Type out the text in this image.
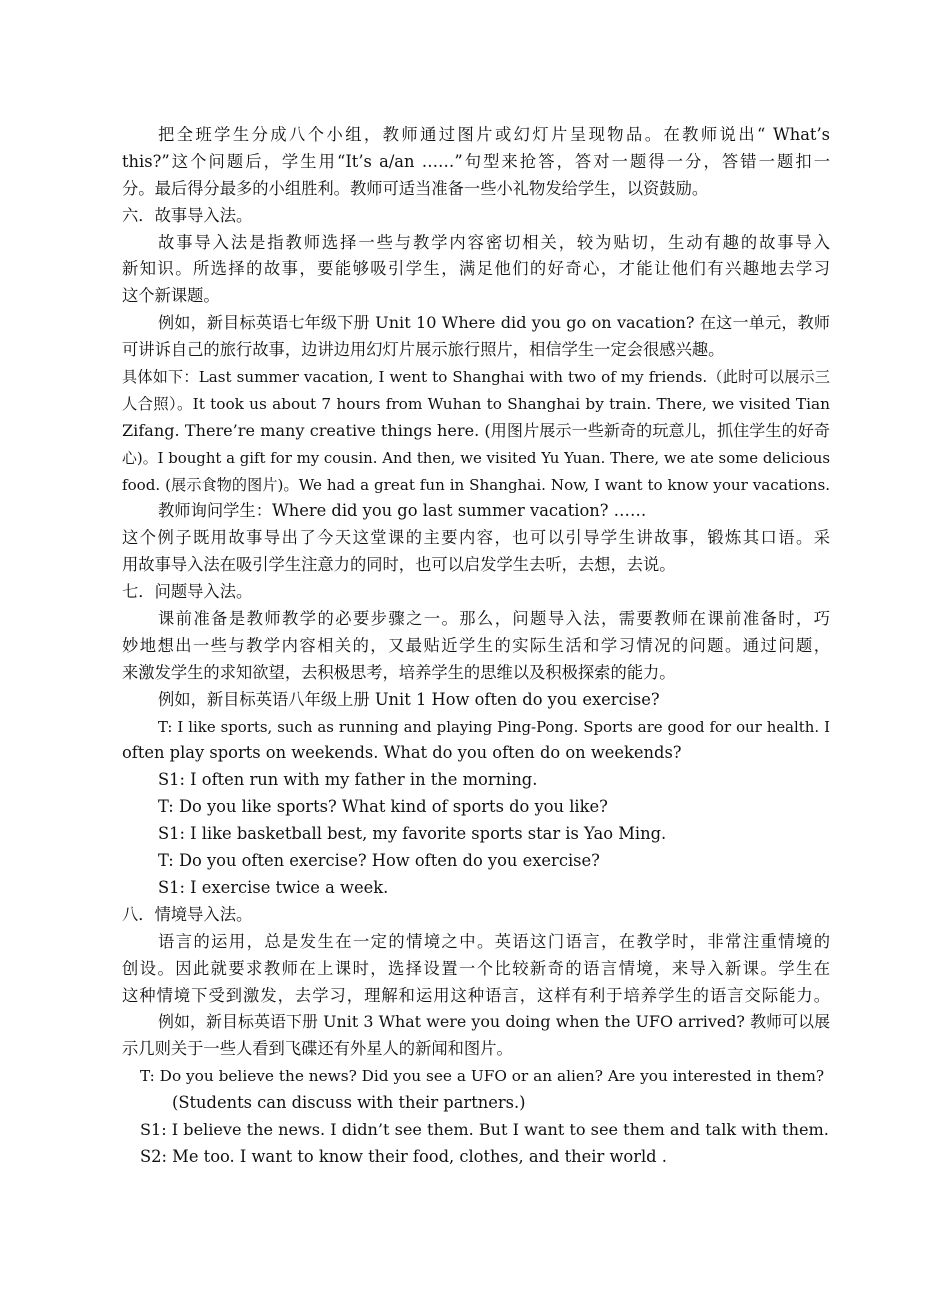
把全班学生分成八个小组，教师通过图片或幻灯片呈现物品。在教师说出“ What’s
this?”这个问题后，学生用“It’s a/an ……”句型来抢答，答对一题得一分，答错一题扣一
分。最后得分最多的小组胜利。教师可适当准备一些小礼物发给学生，以资鼓励。
六．故事导入法。
故事导入法是指教师选择一些与教学内容密切相关，较为贴切，生动有趣的故事导入
新知识。所选择的故事，要能够吸引学生，满足他们的好奇心，才能让他们有兴趣地去学习
这个新课题。
例如，新目标英语七年级下册 Unit 10 Where did you go on vacation? 在这一单元，教师
可讲诉自己的旅行故事，边讲边用幻灯片展示旅行照片，相信学生一定会很感兴趣。
具体如下：Last summer vacation, I went to Shanghai with two of my friends.（此时可以展示三
人合照）。It took us about 7 hours from Wuhan to Shanghai by train. There, we visited Tian
Zifang. There’re many creative things here. (用图片展示一些新奇的玩意儿，抓住学生的好奇
心)。I bought a gift for my cousin. And then, we visited Yu Yuan. There, we ate some delicious
food. (展示食物的图片)。We had a great fun in Shanghai. Now, I want to know your vacations.
教师询问学生：Where did you go last summer vacation? ……
这个例子既用故事导出了今天这堂课的主要内容，也可以引导学生讲故事，锻炼其口语。采
用故事导入法在吸引学生注意力的同时，也可以启发学生去听，去想，去说。
七．问题导入法。
课前准备是教师教学的必要步骤之一。那么，问题导入法，需要教师在课前准备时，巧
妙地想出一些与教学内容相关的，又最贴近学生的实际生活和学习情况的问题。通过问题，
来激发学生的求知欲望，去积极思考，培养学生的思维以及积极探索的能力。
例如，新目标英语八年级上册 Unit 1 How often do you exercise?
T: I like sports, such as running and playing Ping-Pong. Sports are good for our health. I
often play sports on weekends. What do you often do on weekends?
S1: I often run with my father in the morning.
T: Do you like sports? What kind of sports do you like?
S1: I like basketball best, my favorite sports star is Yao Ming.
T: Do you often exercise? How often do you exercise?
S1: I exercise twice a week.
八．情境导入法。
语言的运用，总是发生在一定的情境之中。英语这门语言，在教学时，非常注重情境的
创设。因此就要求教师在上课时，选择设置一个比较新奇的语言情境，来导入新课。学生在
这种情境下受到激发，去学习，理解和运用这种语言，这样有利于培养学生的语言交际能力。
例如，新目标英语下册 Unit 3 What were you doing when the UFO arrived? 教师可以展
示几则关于一些人看到飞碟还有外星人的新闻和图片。
T: Do you believe the news? Did you see a UFO or an alien? Are you interested in them?
(Students can discuss with their partners.)
S1: I believe the news. I didn’t see them. But I want to see them and talk with them.
S2: Me too. I want to know their food, clothes, and their world .
